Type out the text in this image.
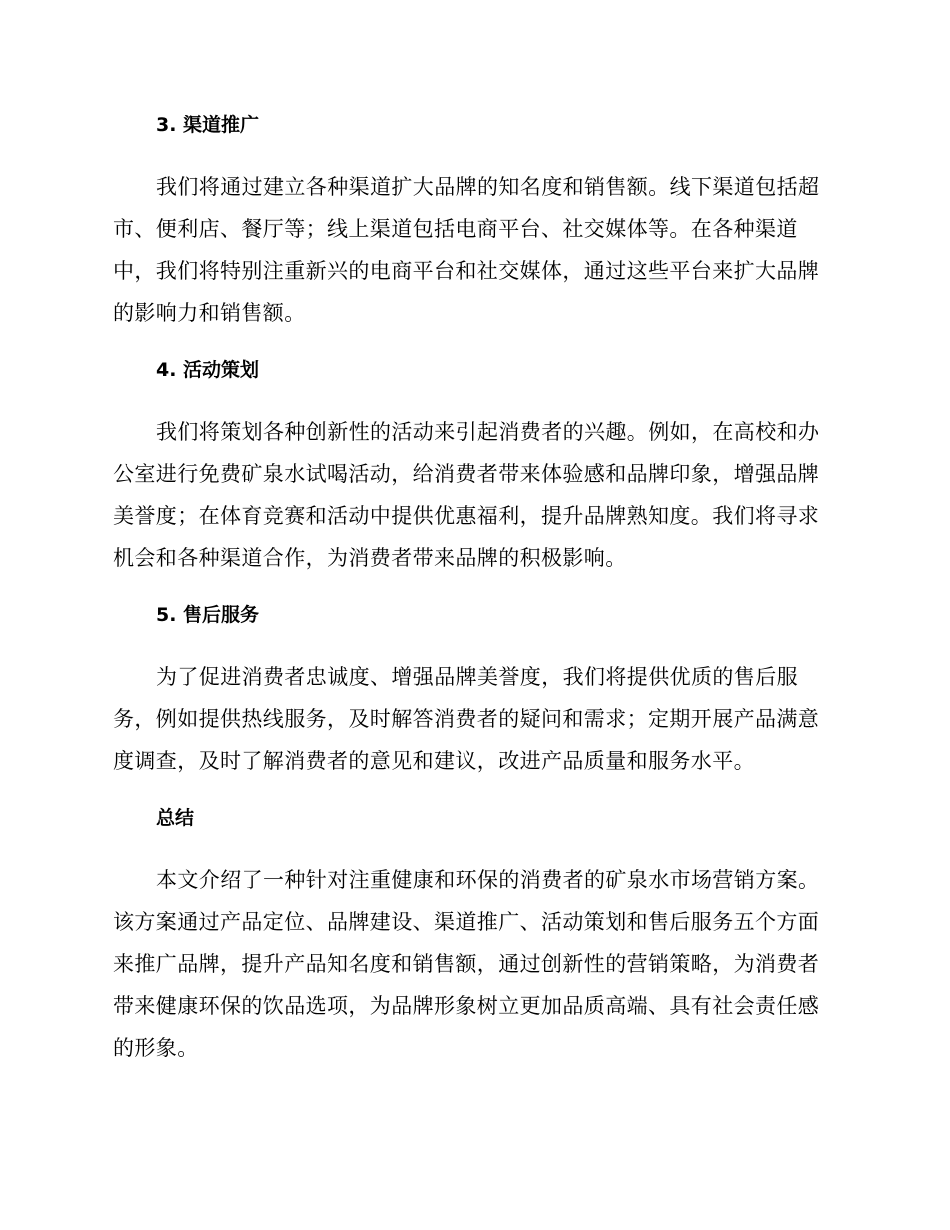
3. 渠道推广

我们将通过建立各种渠道扩大品牌的知名度和销售额。线下渠道包括超市、便利店、餐厅等；线上渠道包括电商平台、社交媒体等。在各种渠道中，我们将特别注重新兴的电商平台和社交媒体，通过这些平台来扩大品牌的影响力和销售额。

4. 活动策划

我们将策划各种创新性的活动来引起消费者的兴趣。例如，在高校和办公室进行免费矿泉水试喝活动，给消费者带来体验感和品牌印象，增强品牌美誉度；在体育竞赛和活动中提供优惠福利，提升品牌熟知度。我们将寻求机会和各种渠道合作，为消费者带来品牌的积极影响。

5. 售后服务

为了促进消费者忠诚度、增强品牌美誉度，我们将提供优质的售后服务，例如提供热线服务，及时解答消费者的疑问和需求；定期开展产品满意度调查，及时了解消费者的意见和建议，改进产品质量和服务水平。

总结

本文介绍了一种针对注重健康和环保的消费者的矿泉水市场营销方案。该方案通过产品定位、品牌建设、渠道推广、活动策划和售后服务五个方面来推广品牌，提升产品知名度和销售额，通过创新性的营销策略，为消费者带来健康环保的饮品选项，为品牌形象树立更加品质高端、具有社会责任感的形象。
